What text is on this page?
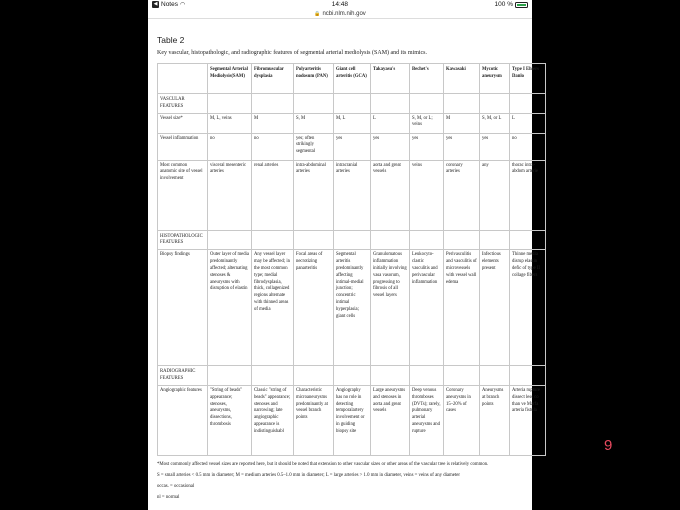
◀ Notes ◠	14:48	100 %
🔒 ncbi.nlm.nih.gov
Table 2
Key vascular, histopathologic, and radiographic features of segmental arterial mediolysis (SAM) and its mimics.
	Segmental Arterial Mediolysis(SAM)	Fibromuscular dysplasia	Polyarteritis nodosum (PAN)	Giant cell arteritis (GCA)	Takayasu's	Bechet's	Kawasaki	Mycotic aneurysm	Type I Ehlers Danlo
VASCULAR FEATURES									
Vessel size*	M, L, veins	M	S, M	M, L	L	S, M, or L; veins	M	S, M, or L	L
Vessel inflammation	no	no	yes; often strikingly segmental	yes	yes	yes	yes	yes	no
Most common anatomic site of vessel involvement	visceral mesenteric arteries	renal arteries	intra-abdominal arteries	intracranial arteries	aorta and great vessels	veins	coronary arteries	any	thorac intra-abdom arterie
HISTOPATHOLOGICFEATURES									
Biopsy findings	Outer layer of media predominantly affected; alternating stenoses & aneurysms with disruption of elastin	Any vessel layer may be affected; in the most common type; medial fibrodysplasia, thick, collagenized regions alternate with thinned areas of media	Focal areas of necrotizing panarteritis	Segmental arteritis predominantly affecting intimal-medial junction; concentric intimal hyperplasia; giant cells	Granulomatous inflammation initially involving vasa vasorum, progressing to fibrosis of all vessel layers	Leukocyto-clastic vasculitis and perivascular inflammation	Perivasculitis and vasculitis of microvessels with vessel wall edema	Infectious elements present	Thinne media disrup elastin defic of type II collage fibers
RADIOGRAPHIC FEATURES									
Angiographic features	"String of beads" appearance; stenoses, aneurysms, dissections, thrombosis	Classic "string of beads" appearance; stenoses and narrowing; late angiographic appearance is indistinguishabl	Characteristic microaneurysms predominantly at vessel branch points	Angiography has no role in detecting temporalartery involvement or in guiding biopsy site	Large aneurysms and stenoses in aorta and great vessels	Deep venous thromboses (DVTs); rarely, pulmonary arterial aneurysms and rupture	Coronary aneurysms in 15–20% of cases	Aneurysms at branch points	Arteria rupture dissect less co than ve Marfa arteria fistula

*Most commonly affected vessel sizes are reported here, but it should be noted that extension to other vascular sizes or other areas of the vascular tree is relatively common.

S = small arteries < 0.5 mm in diameter; M = medium arteries 0.5–1.0 mm in diameter; L = large arteries > 1.0 mm in diameter, veins = veins of any diameter

occas. = occasional

nl = normal

9
